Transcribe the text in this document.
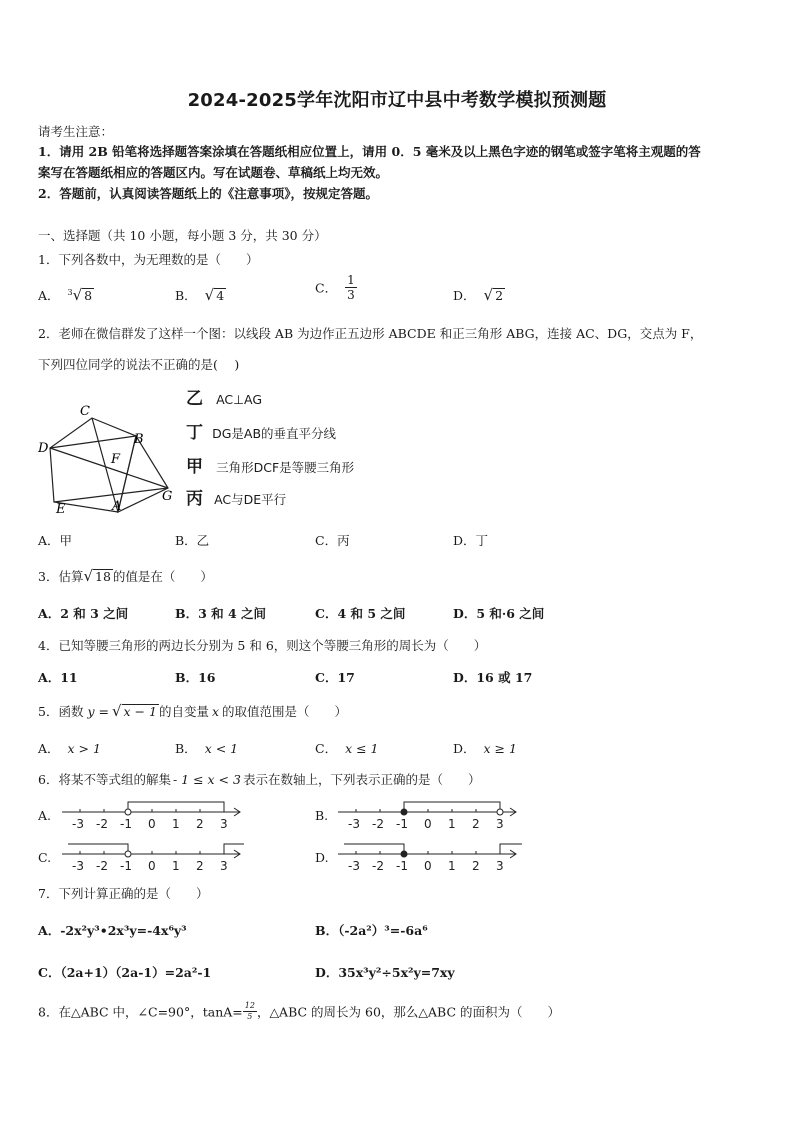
2024-2025学年沈阳市辽中县中考数学模拟预测题
请考生注意：
1．请用 2B 铅笔将选择题答案涂填在答题纸相应位置上，请用 0．5 毫米及以上黑色字迹的钢笔或签字笔将主观题的答
案写在答题纸相应的答题区内。写在试题卷、草稿纸上均无效。
2．答题前，认真阅读答题纸上的《注意事项》，按规定答题。
一、选择题（共 10 小题，每小题 3 分，共 30 分）
1．下列各数中，为无理数的是（　　）
A． $^3$√ 8	B． √ 4	C． $\frac{1}{3}$	D． √ 2
2．老师在微信群发了这样一个图：以线段 AB 为边作正五边形 ABCDE 和正三角形 ABG，连接 AC、DG，交点为 F，
下列四位同学的说法不正确的是(　 )
C
B
D
F
E	A
G
乙 AC⊥AG
丁 DG是AB的垂直平分线
甲 三角形DCF是等腰三角形
丙 AC与DE平行
A．甲	B．乙	C．丙	D．丁
3．估算√ 18 的值是在（　　）
A．2 和 3 之间	B．3 和 4 之间	C．4 和 5 之间	D．5 和·6 之间
4．已知等腰三角形的两边长分别为 5 和 6，则这个等腰三角形的周长为（　　）
A．11	B．16	C．17	D．16 或 17
5．函数 y = √ x − 1 的自变量 x 的取值范围是（　　）
A． x > 1	B． x < 1	C． x ≤ 1	D． x ≥ 1
6．将某不等式组的解集 - 1 ≤ x < 3 表示在数轴上，下列表示正确的是（　　）
A.
-3 -2 -1 0 1 2 3
B.
-3 -2 -1 0 1 2 3
C.
-3 -2 -1 0 1 2 3
D.
-3 -2 -1 0 1 2 3
7．下列计算正确的是（　　）
A．-2x²y³•2x³y=-4x⁶y³	B．（-2a²）³=-6a⁶
C．（2a+1）（2a-1）=2a²-1	D．35x³y²÷5x²y=7xy
8．在△ABC 中，∠C=90°，$\tan A= \frac{12}{5}$ ，△ABC 的周长为 60，那么△ABC 的面积为（　　）
